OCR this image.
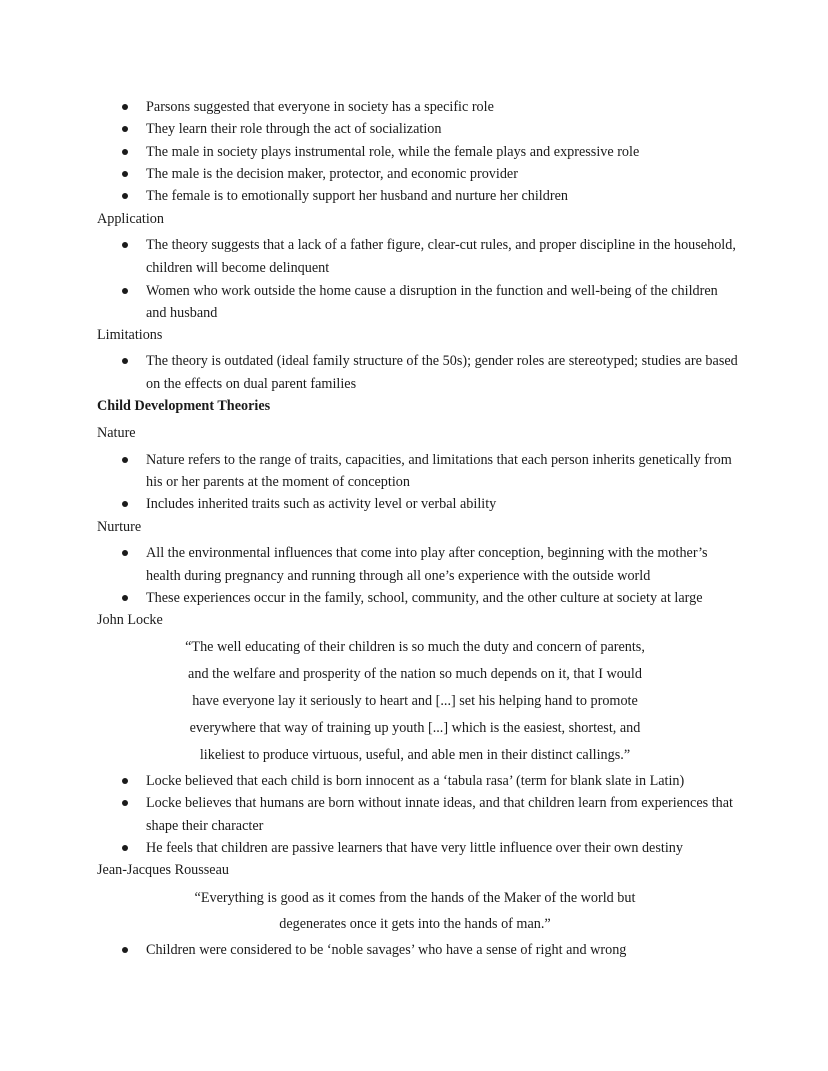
Parsons suggested that everyone in society has a specific role
They learn their role through the act of socialization
The male in society plays instrumental role, while the female plays and expressive role
The male is the decision maker, protector, and economic provider
The female is to emotionally support her husband and nurture her children
Application
The theory suggests that a lack of a father figure, clear-cut rules, and proper discipline in the household,
children will become delinquent
Women who work outside the home cause a disruption in the function and well-being of the children
and husband
Limitations
The theory is outdated (ideal family structure of the 50s); gender roles are stereotyped; studies are based
on the effects on dual parent families
Child Development Theories
Nature
Nature refers to the range of traits, capacities, and limitations that each person inherits genetically from
his or her parents at the moment of conception
Includes inherited traits such as activity level or verbal ability
Nurture
All the environmental influences that come into play after conception, beginning with the mother’s
health during pregnancy and running through all one’s experience with the outside world
These experiences occur in the family, school, community, and the other culture at society at large
John Locke
“The well educating of their children is so much the duty and concern of parents,
and the welfare and prosperity of the nation so much depends on it, that I would
have everyone lay it seriously to heart and [...] set his helping hand to promote
everywhere that way of training up youth [...] which is the easiest, shortest, and
likeliest to produce virtuous, useful, and able men in their distinct callings.”
Locke believed that each child is born innocent as a ‘tabula rasa’ (term for blank slate in Latin)
Locke believes that humans are born without innate ideas, and that children learn from experiences that
shape their character
He feels that children are passive learners that have very little influence over their own destiny
Jean-Jacques Rousseau
“Everything is good as it comes from the hands of the Maker of the world but
degenerates once it gets into the hands of man.”
Children were considered to be ‘noble savages’ who have a sense of right and wrong
